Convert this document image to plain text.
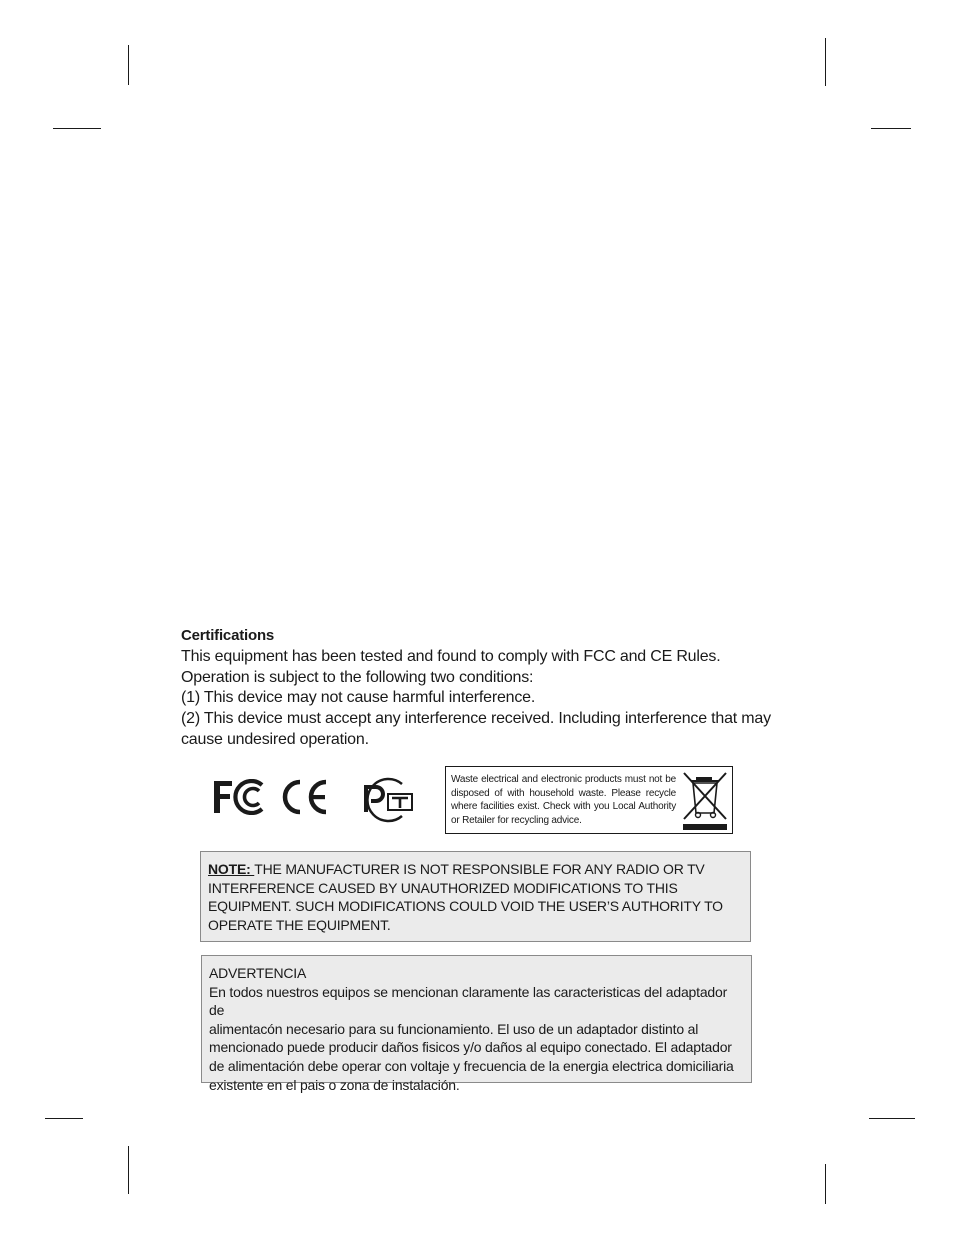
Certifications
This equipment has been tested and found to comply with FCC and CE Rules.
Operation is subject to the following two conditions:
(1) This device may not cause harmful interference.
(2) This device must accept any interference received. Including interference that may
cause undesired operation.
Waste electrical and electronic products must not be disposed of with household waste. Please recycle where facilities exist. Check with you Local Authority or Retailer for recycling advice.
NOTE: THE MANUFACTURER IS NOT RESPONSIBLE FOR ANY RADIO OR TV INTERFERENCE CAUSED BY UNAUTHORIZED MODIFICATIONS TO THIS EQUIPMENT. SUCH MODIFICATIONS COULD VOID THE USER’S AUTHORITY TO OPERATE THE EQUIPMENT.
ADVERTENCIA
En todos nuestros equipos se mencionan claramente las caracteristicas del adaptador de
alimentacón necesario para su funcionamiento. El uso de un adaptador distinto al
mencionado puede producir daños fisicos y/o daños al equipo conectado. El adaptador
de alimentación debe operar con voltaje y frecuencia de la energia electrica domiciliaria
existente en el pais o zona de instalación.
